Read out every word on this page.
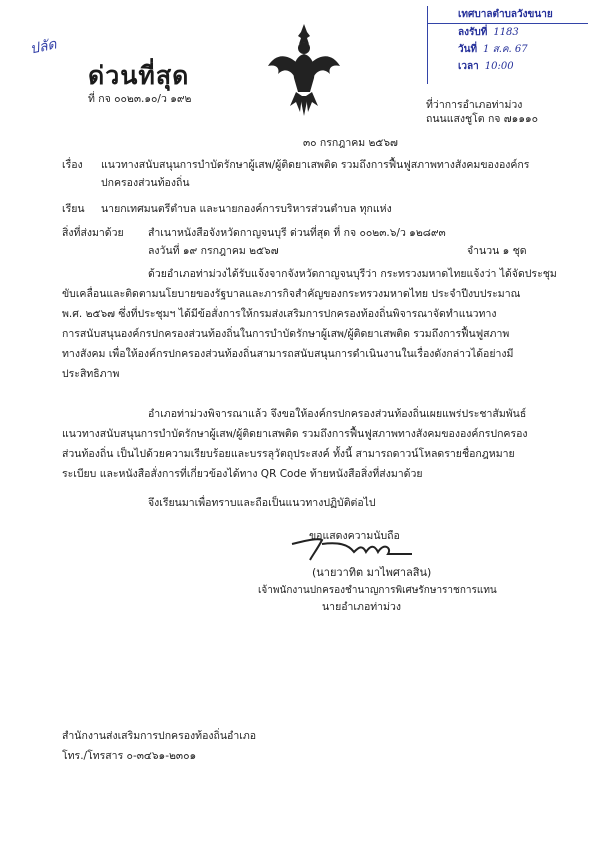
ปลัด
ด่วนที่สุด
ที่ กจ ๐๐๒๓.๑๐/ว ๑๙๒
เทศบาลตำบลวังขนาย
ลงรับที่ 1183
วันที่ 1 ส.ค. 67
เวลา 10:00
ที่ว่าการอำเภอท่าม่วง
ถนนแสงชูโต กจ ๗๑๑๑๐
๓๐ กรกฎาคม ๒๕๖๗
เรื่อง แนวทางสนับสนุนการบำบัดรักษาผู้เสพ/ผู้ติดยาเสพติด รวมถึงการฟื้นฟูสภาพทางสังคมขององค์กร
ปกครองส่วนท้องถิ่น
เรียน นายกเทศมนตรีตำบล และนายกองค์การบริหารส่วนตำบล ทุกแห่ง
สิ่งที่ส่งมาด้วย สำเนาหนังสือจังหวัดกาญจนบุรี ด่วนที่สุด ที่ กจ ๐๐๒๓.๖/ว ๑๒๘๙๓
ลงวันที่ ๑๙ กรกฎาคม ๒๕๖๗	จำนวน ๑ ชุด
ด้วยอำเภอท่าม่วงได้รับแจ้งจากจังหวัดกาญจนบุรีว่า กระทรวงมหาดไทยแจ้งว่า ได้จัดประชุม
ขับเคลื่อนและติดตามนโยบายของรัฐบาลและภารกิจสำคัญของกระทรวงมหาดไทย ประจำปีงบประมาณ
พ.ศ. ๒๕๖๗ ซึ่งที่ประชุมฯ ได้มีข้อสั่งการให้กรมส่งเสริมการปกครองท้องถิ่นพิจารณาจัดทำแนวทาง
การสนับสนุนองค์กรปกครองส่วนท้องถิ่นในการบำบัดรักษาผู้เสพ/ผู้ติดยาเสพติด รวมถึงการฟื้นฟูสภาพ
ทางสังคม เพื่อให้องค์กรปกครองส่วนท้องถิ่นสามารถสนับสนุนการดำเนินงานในเรื่องดังกล่าวได้อย่างมี
ประสิทธิภาพ
อำเภอท่าม่วงพิจารณาแล้ว จึงขอให้องค์กรปกครองส่วนท้องถิ่นเผยแพร่ประชาสัมพันธ์
แนวทางสนับสนุนการบำบัดรักษาผู้เสพ/ผู้ติดยาเสพติด รวมถึงการฟื้นฟูสภาพทางสังคมขององค์กรปกครอง
ส่วนท้องถิ่น เป็นไปด้วยความเรียบร้อยและบรรลุวัตถุประสงค์ ทั้งนี้ สามารถดาวน์โหลดรายชื่อกฎหมาย
ระเบียบ และหนังสือสั่งการที่เกี่ยวข้องได้ทาง QR Code ท้ายหนังสือสิ่งที่ส่งมาด้วย
จึงเรียนมาเพื่อทราบและถือเป็นแนวทางปฏิบัติต่อไป
ขอแสดงความนับถือ
(นายวาทิต มาไพศาลสิน)
เจ้าพนักงานปกครองชำนาญการพิเศษรักษาราชการแทน
นายอำเภอท่าม่วง
สำนักงานส่งเสริมการปกครองท้องถิ่นอำเภอ
โทร./โทรสาร ๐-๓๔๖๑-๒๓๐๑
